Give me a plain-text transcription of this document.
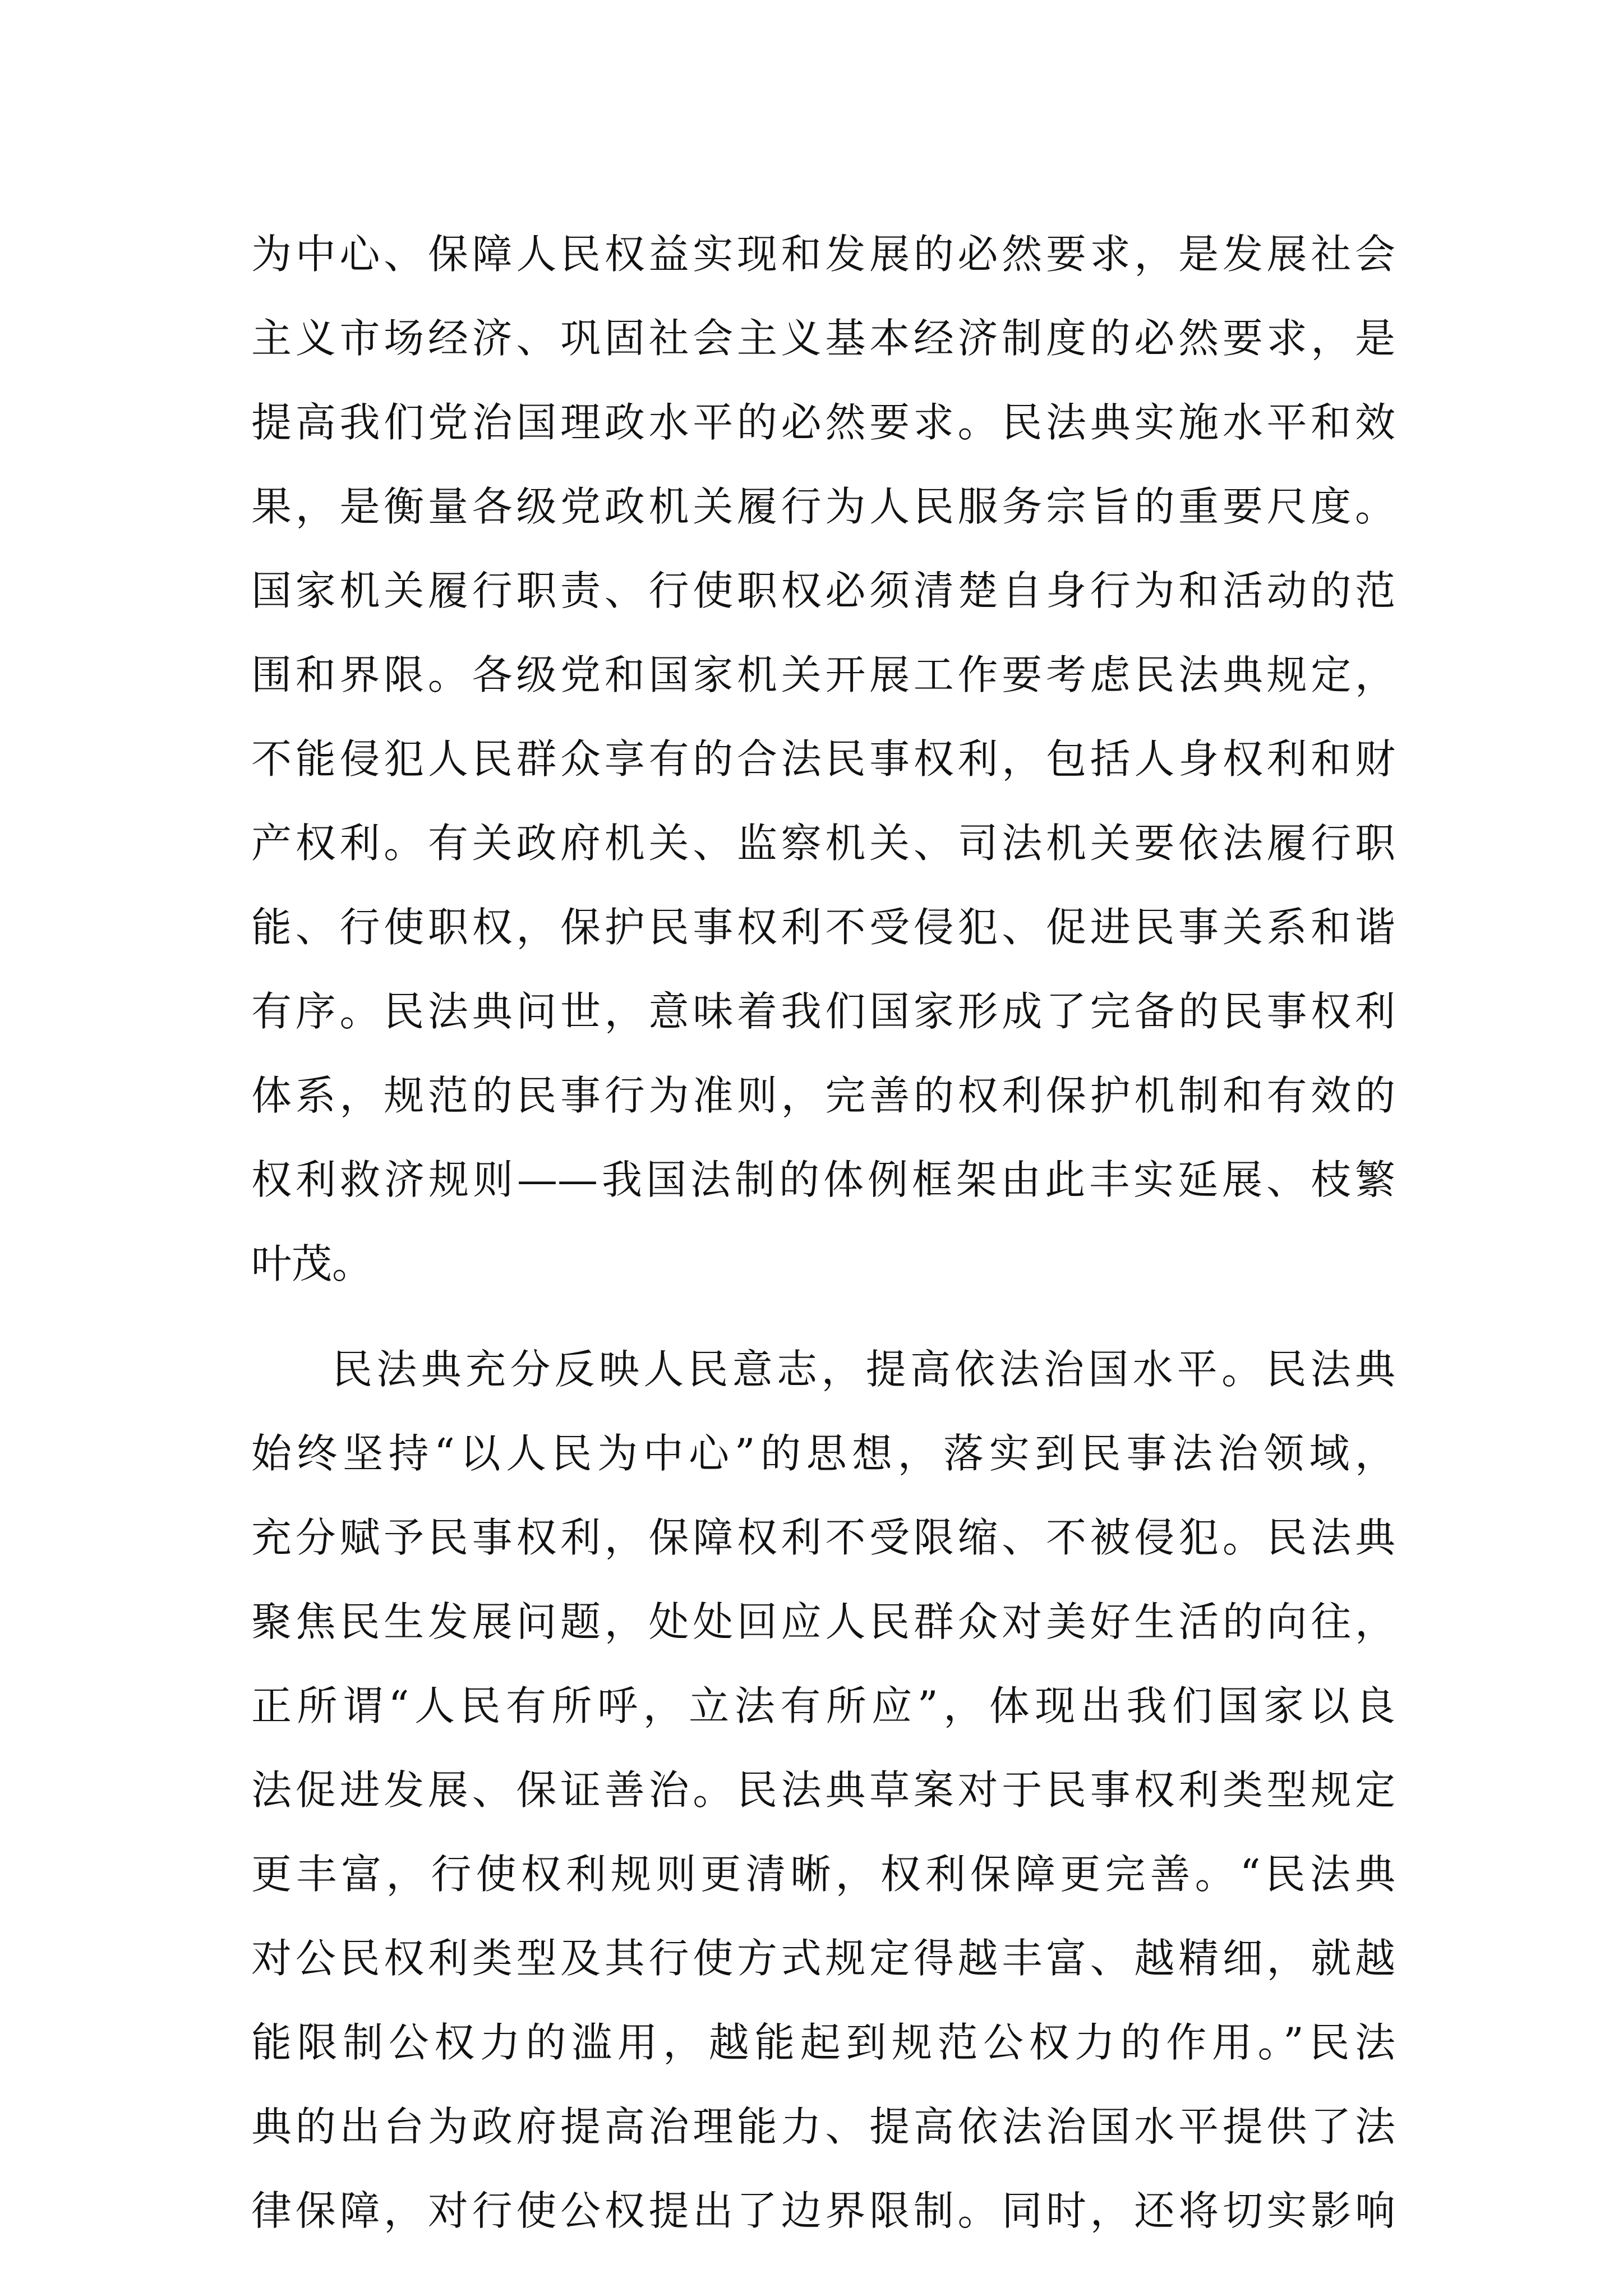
为中心、保障人民权益实现和发展的必然要求，是发展社会
主义市场经济、巩固社会主义基本经济制度的必然要求，是
提高我们党治国理政水平的必然要求。民法典实施水平和效
果，是衡量各级党政机关履行为人民服务宗旨的重要尺度。
国家机关履行职责、行使职权必须清楚自身行为和活动的范
围和界限。各级党和国家机关开展工作要考虑民法典规定，
不能侵犯人民群众享有的合法民事权利，包括人身权利和财
产权利。有关政府机关、监察机关、司法机关要依法履行职
能、行使职权，保护民事权利不受侵犯、促进民事关系和谐
有序。民法典问世，意味着我们国家形成了完备的民事权利
体系，规范的民事行为准则，完善的权利保护机制和有效的
权利救济规则——我国法制的体例框架由此丰实延展、枝繁
叶茂。
民法典充分反映人民意志，提高依法治国水平。民法典
始终坚持“以人民为中心”的思想，落实到民事法治领域，
充分赋予民事权利，保障权利不受限缩、不被侵犯。民法典
聚焦民生发展问题，处处回应人民群众对美好生活的向往，
正所谓“人民有所呼，立法有所应”，体现出我们国家以良
法促进发展、保证善治。民法典草案对于民事权利类型规定
更丰富，行使权利规则更清晰，权利保障更完善。“民法典
对公民权利类型及其行使方式规定得越丰富、越精细，就越
能限制公权力的滥用，越能起到规范公权力的作用。”民法
典的出台为政府提高治理能力、提高依法治国水平提供了法
律保障，对行使公权提出了边界限制。同时，还将切实影响
